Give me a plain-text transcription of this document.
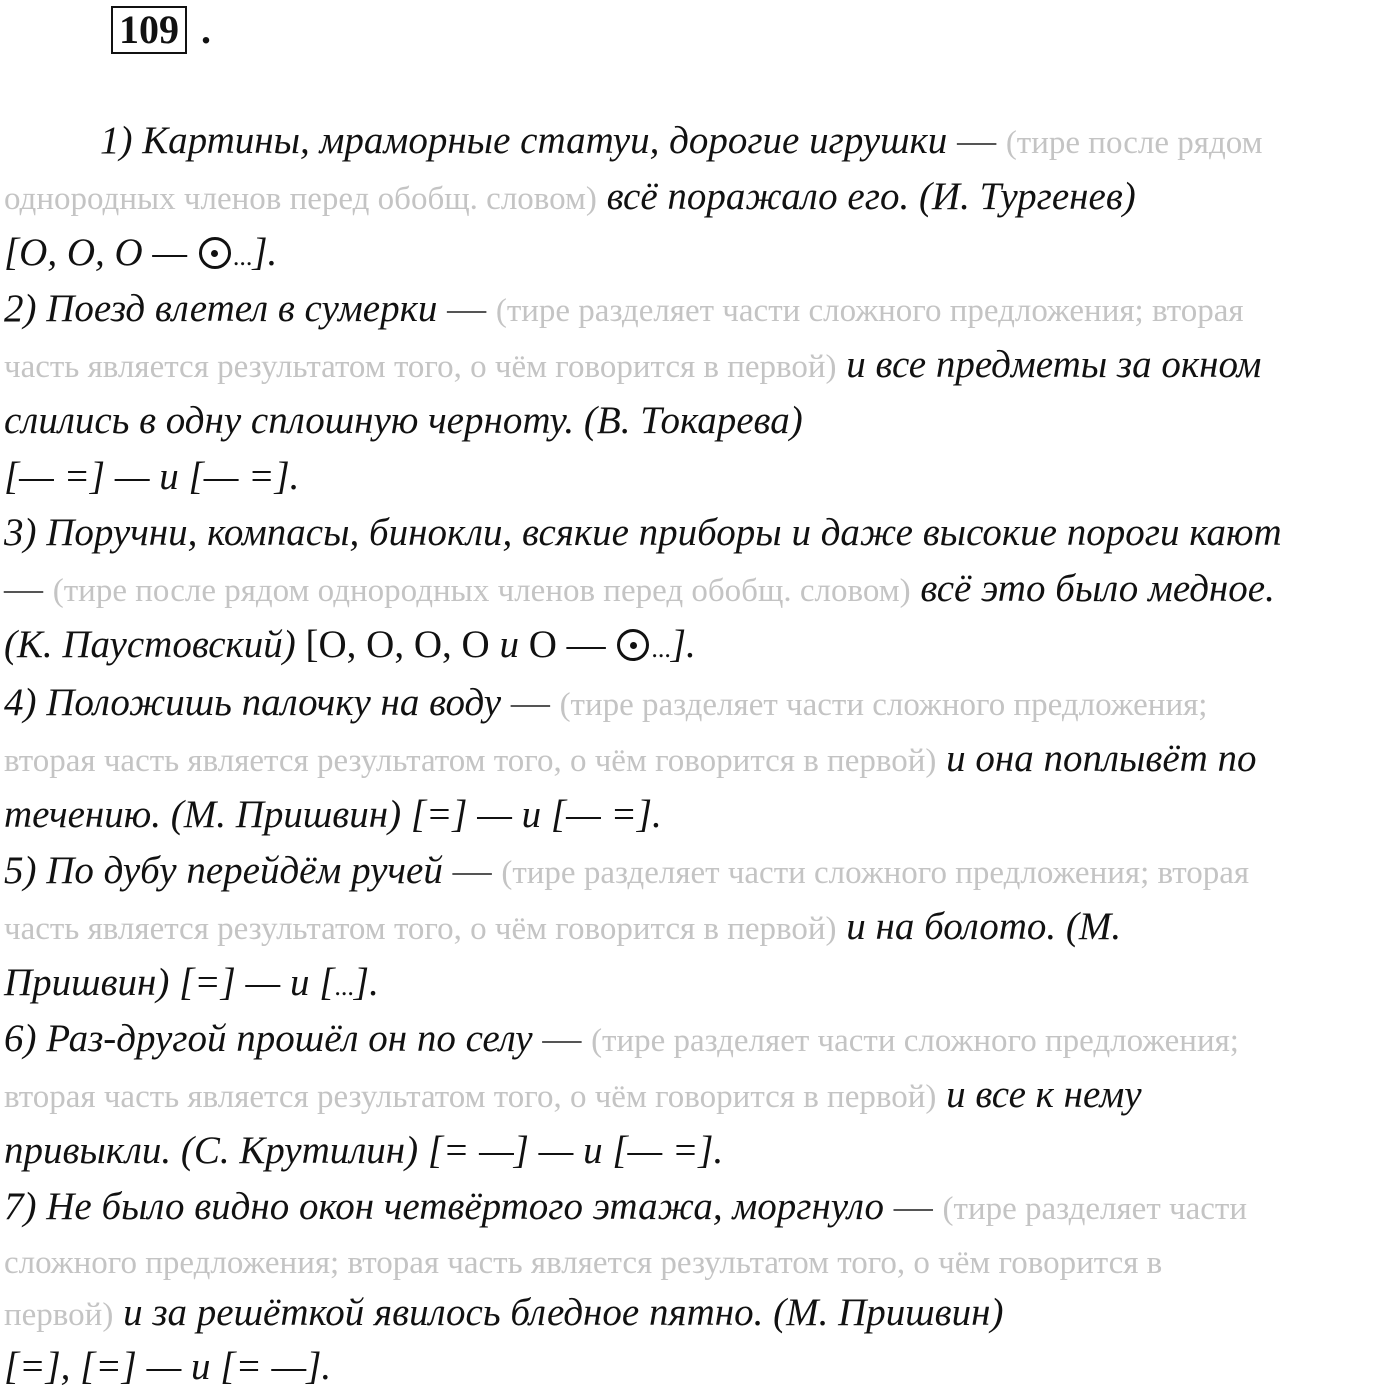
109 .
1) Картины, мраморные статуи, дорогие игрушки — (тире после рядом
однородных членов перед обобщ. словом) всё поражало его. (И. Тургенев)
[О, О, О — ...].
2) Поезд влетел в сумерки — (тире разделяет части сложного предложения; вторая
часть является результатом того, о чём говорится в первой) и все предметы за окном
слились в одну сплошную черноту. (В. Токарева)
[— =] — и [— =].
3) Поручни, компасы, бинокли, всякие приборы и даже высокие пороги кают
— (тире после рядом однородных членов перед обобщ. словом) всё это было медное.
(К. Паустовский) [О, О, О, О и О — ...].
4) Положишь палочку на воду — (тире разделяет части сложного предложения;
вторая часть является результатом того, о чём говорится в первой) и она поплывёт по
течению. (М. Пришвин) [=] — и [— =].
5) По дубу перейдём ручей — (тире разделяет части сложного предложения; вторая
часть является результатом того, о чём говорится в первой) и на болото. (М.
Пришвин) [=] — и [...].
6) Раз-другой прошёл он по селу — (тире разделяет части сложного предложения;
вторая часть является результатом того, о чём говорится в первой) и все к нему
привыкли. (С. Крутилин) [= —] — и [— =].
7) Не было видно окон четвёртого этажа, моргнуло — (тире разделяет части
сложного предложения; вторая часть является результатом того, о чём говорится в
первой) и за решёткой явилось бледное пятно. (М. Пришвин)
[=], [=] — и [= —].
